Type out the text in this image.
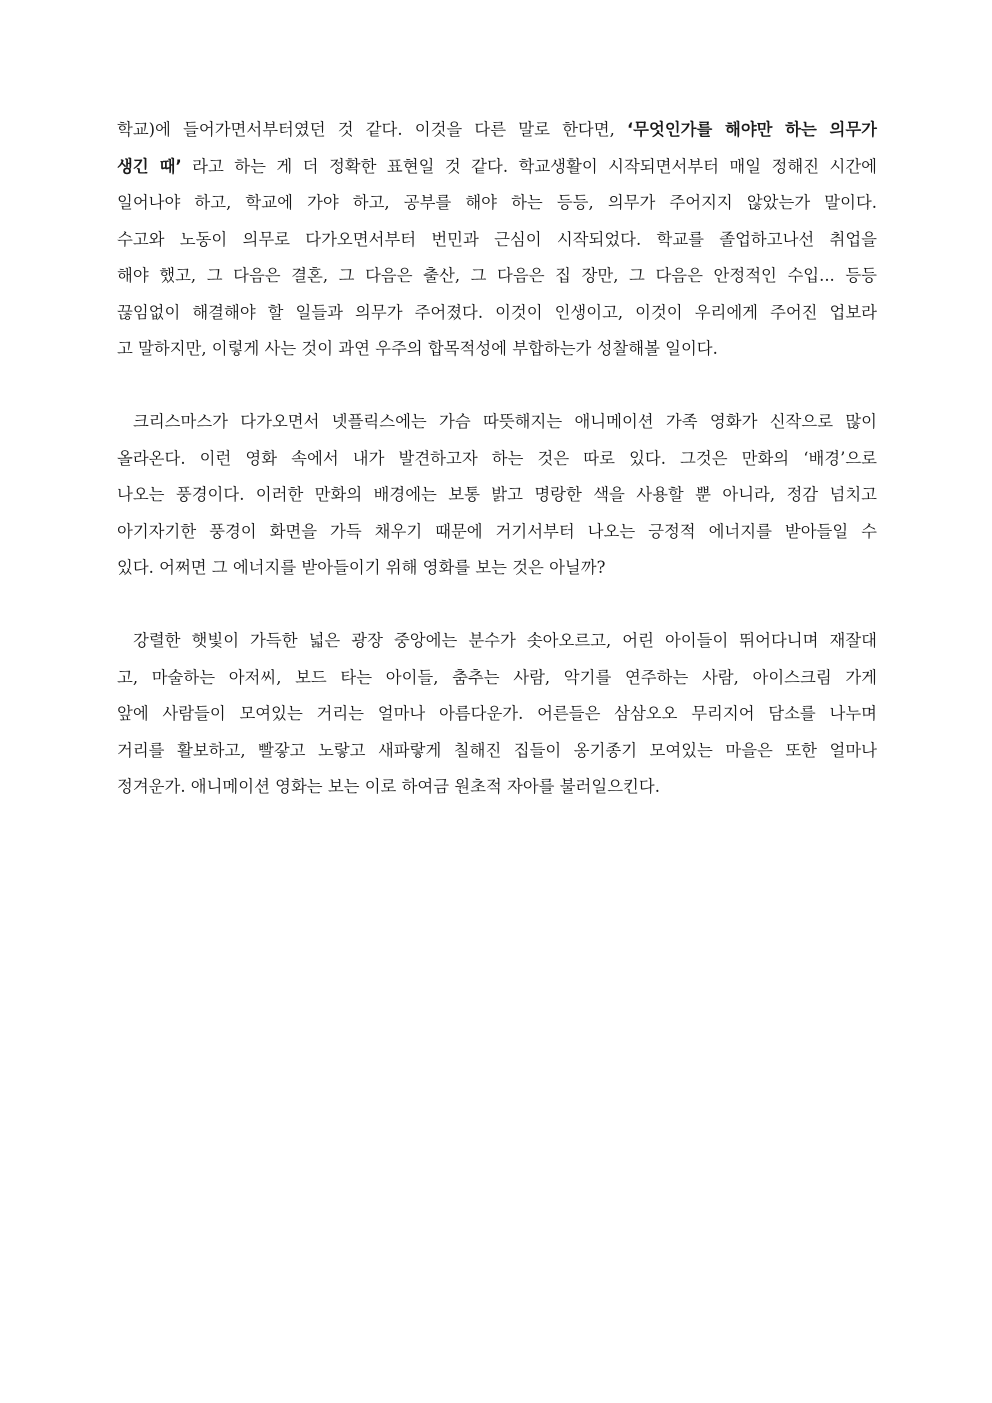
학교)에 들어가면서부터였던 것 같다. 이것을 다른 말로 한다면, ‘무엇인가를 해야만 하는 의무가
생긴 때’ 라고 하는 게 더 정확한 표현일 것 같다. 학교생활이 시작되면서부터 매일 정해진 시간에
일어나야 하고, 학교에 가야 하고, 공부를 해야 하는 등등, 의무가 주어지지 않았는가 말이다.
수고와 노동이 의무로 다가오면서부터 번민과 근심이 시작되었다. 학교를 졸업하고나선 취업을
해야 했고, 그 다음은 결혼, 그 다음은 출산, 그 다음은 집 장만, 그 다음은 안정적인 수입... 등등
끊임없이 해결해야 할 일들과 의무가 주어졌다. 이것이 인생이고, 이것이 우리에게 주어진 업보라
고 말하지만, 이렇게 사는 것이 과연 우주의 합목적성에 부합하는가 성찰해볼 일이다.
크리스마스가 다가오면서 넷플릭스에는 가슴 따뜻해지는 애니메이션 가족 영화가 신작으로 많이
올라온다. 이런 영화 속에서 내가 발견하고자 하는 것은 따로 있다. 그것은 만화의 ‘배경’으로
나오는 풍경이다. 이러한 만화의 배경에는 보통 밝고 명랑한 색을 사용할 뿐 아니라, 정감 넘치고
아기자기한 풍경이 화면을 가득 채우기 때문에 거기서부터 나오는 긍정적 에너지를 받아들일 수
있다. 어쩌면 그 에너지를 받아들이기 위해 영화를 보는 것은 아닐까?
강렬한 햇빛이 가득한 넓은 광장 중앙에는 분수가 솟아오르고, 어린 아이들이 뛰어다니며 재잘대
고, 마술하는 아저씨, 보드 타는 아이들, 춤추는 사람, 악기를 연주하는 사람, 아이스크림 가게
앞에 사람들이 모여있는 거리는 얼마나 아름다운가. 어른들은 삼삼오오 무리지어 담소를 나누며
거리를 활보하고, 빨갛고 노랗고 새파랗게 칠해진 집들이 옹기종기 모여있는 마을은 또한 얼마나
정겨운가. 애니메이션 영화는 보는 이로 하여금 원초적 자아를 불러일으킨다.
